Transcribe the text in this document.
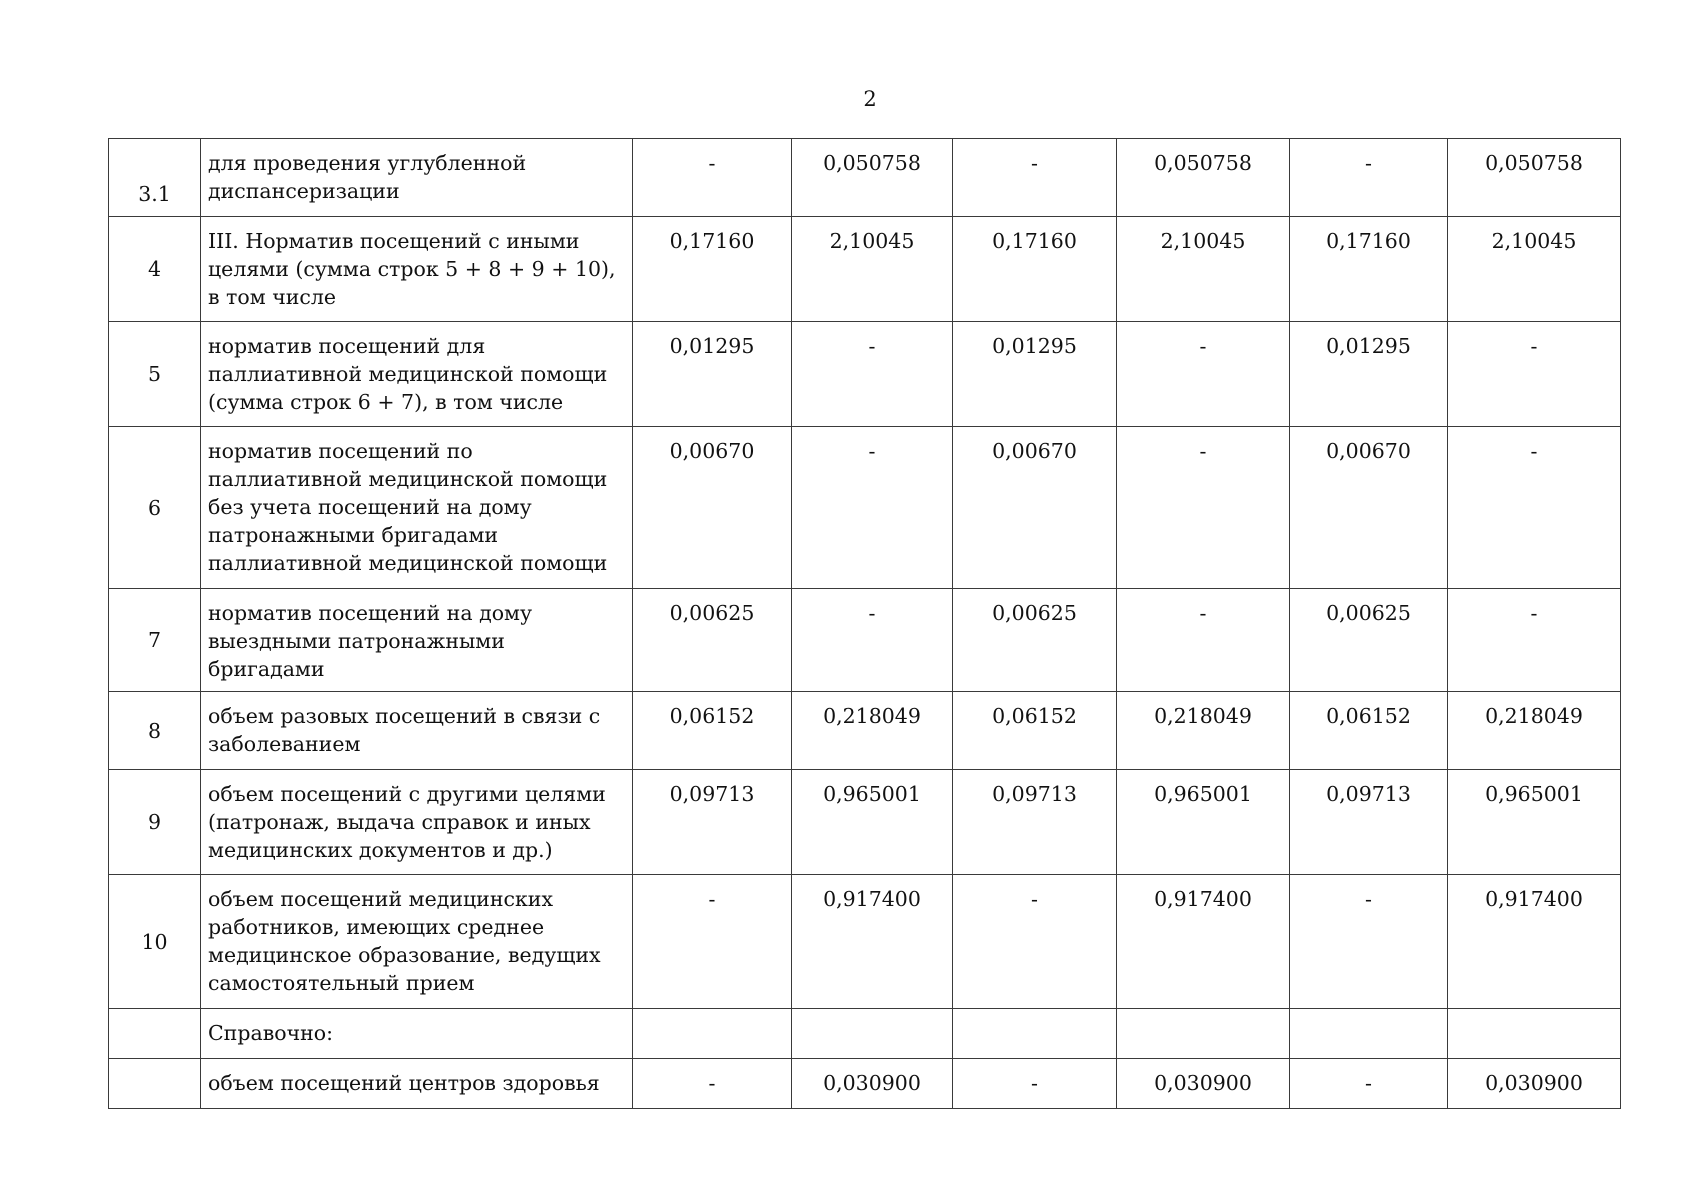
2
3.1	для проведения углубленной диспансеризации	-	0,050758	-	0,050758	-	0,050758
4	III. Норматив посещений с иными целями (сумма строк 5 + 8 + 9 + 10), в том числе	0,17160	2,10045	0,17160	2,10045	0,17160	2,10045
5	норматив посещений для паллиативной медицинской помощи (сумма строк 6 + 7), в том числе	0,01295	-	0,01295	-	0,01295	-
6	норматив посещений по паллиативной медицинской помощи без учета посещений на дому патронажными бригадами паллиативной медицинской помощи	0,00670	-	0,00670	-	0,00670	-
7	норматив посещений на дому выездными патронажными бригадами	0,00625	-	0,00625	-	0,00625	-
8	объем разовых посещений в связи с заболеванием	0,06152	0,218049	0,06152	0,218049	0,06152	0,218049
9	объем посещений с другими целями (патронаж, выдача справок и иных медицинских документов и др.)	0,09713	0,965001	0,09713	0,965001	0,09713	0,965001
10	объем посещений медицинских работников, имеющих среднее медицинское образование, ведущих самостоятельный прием	-	0,917400	-	0,917400	-	0,917400
	Справочно:						
	объем посещений центров здоровья	-	0,030900	-	0,030900	-	0,030900
